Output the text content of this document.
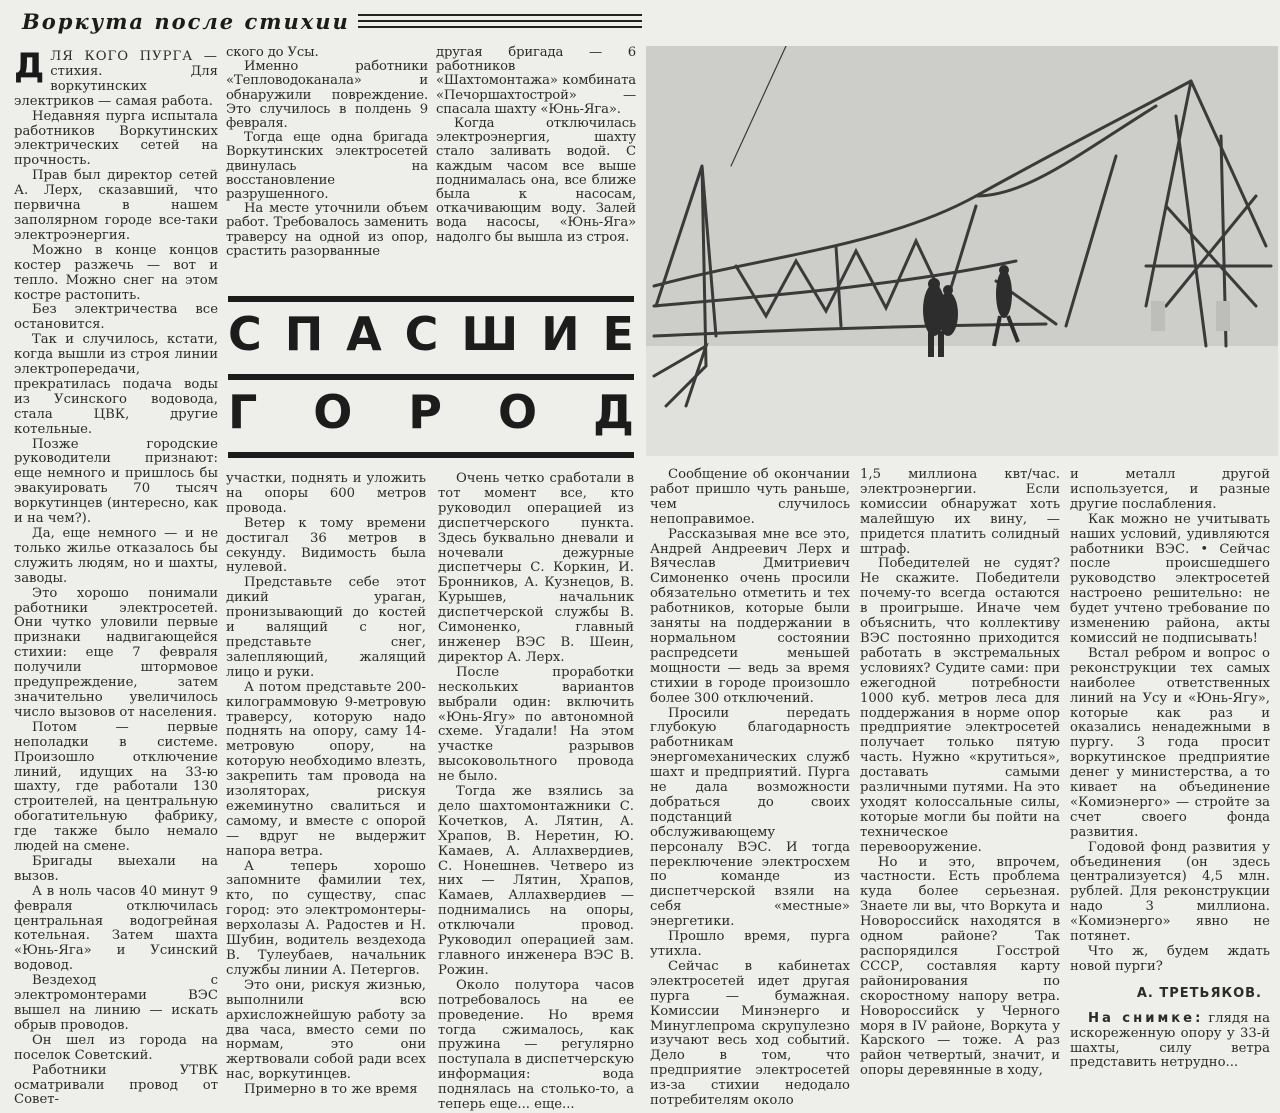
Воркута после стихии

ДЛЯ КОГО ПУРГА — стихия. Для воркутинских электриков — самая работа.

Недавняя пурга испытала работников Воркутинских электрических сетей на прочность.

Прав был директор сетей А. Лерх, сказавший, что первична в нашем заполярном городе все-таки электроэнергия.

Можно в конце концов костер разжечь — вот и тепло. Можно снег на этом костре растопить.

Без электричества все остановится.

Так и случилось, кстати, когда вышли из строя линии электропередачи, прекратилась подача воды из Усинского водовода, стала ЦВК, другие котельные.

Позже городские руководители признают: еще немного и пришлось бы эвакуировать 70 тысяч воркутинцев (интересно, как и на чем?).

Да, еще немного — и не только жилье отказалось бы служить людям, но и шахты, заводы.

Это хорошо понимали работники электросетей. Они чутко уловили первые признаки надвигающейся стихии: еще 7 февраля получили штормовое предупреждение, затем значительно увеличилось число вызовов от населения.

Потом — первые неполадки в системе. Произошло отключение линий, идущих на 33-ю шахту, где работали 130 строителей, на центральную обогатительную фабрику, где также было немало людей на смене.

Бригады выехали на вызов.

А в ноль часов 40 минут 9 февраля отключилась центральная водогрейная котельная. Затем шахта «Юнь-Яга» и Усинский водовод.

Вездеход с электромонтерами ВЭС вышел на линию — искать обрыв проводов.

Он шел из города на поселок Советский.

Работники УТВК осматривали провод от Совет-

ского до Усы.

Именно работники «Тепловодоканала» и обнаружили повреждение. Это случилось в полдень 9 февраля.

Тогда еще одна бригада Воркутинских электросетей двинулась на восстановление разрушенного.

На месте уточнили объем работ. Требовалось заменить траверсу на одной из опор, срастить разорванные

другая бригада — 6 работников «Шахтомонтажа» комбината «Печоршахтострой» — спасала шахту «Юнь-Яга».

Когда отключилась электроэнергия, шахту стало заливать водой. С каждым часом все выше поднималась она, все ближе была к насосам, откачивающим воду. Залей вода насосы, «Юнь-Яга» надолго бы вышла из строя.

С П А С Ш И Е
Г О Р О Д

участки, поднять и уложить на опоры 600 метров провода.

Ветер к тому времени достигал 36 метров в секунду. Видимость была нулевой.

Представьте себе этот дикий ураган, пронизывающий до костей и валящий с ног, представьте снег, залепляющий, жалящий лицо и руки.

А потом представьте 200-килограммовую 9-метровую траверсу, которую надо поднять на опору, саму 14-метровую опору, на которую необходимо влезть, закрепить там провода на изоляторах, рискуя ежеминутно свалиться и самому, и вместе с опорой — вдруг не выдержит напора ветра.

А теперь хорошо запомните фамилии тех, кто, по существу, спас город: это электромонтеры-верхолазы А. Радостев и Н. Шубин, водитель вездехода В. Тулеубаев, начальник службы линии А. Петергов.

Это они, рискуя жизнью, выполнили всю архисложнейшую работу за два часа, вместо семи по нормам, это они жертвовали собой ради всех нас, воркутинцев.

Примерно в то же время

Очень четко сработали в тот момент все, кто руководил операцией из диспетчерского пункта. Здесь буквально дневали и ночевали дежурные диспетчеры С. Коркин, И. Бронников, А. Кузнецов, В. Курышев, начальник диспетчерской службы В. Симоненко, главный инженер ВЭС В. Шеин, директор А. Лерх.

После проработки нескольких вариантов выбрали один: включить «Юнь-Ягу» по автономной схеме. Угадали! На этом участке разрывов высоковольтного провода не было.

Тогда же взялись за дело шахтомонтажники С. Кочетков, А. Лятин, А. Храпов, В. Неретин, Ю. Камаев, А. Аллахвердиев, С. Нонешнев. Четверо из них — Лятин, Храпов, Камаев, Аллахвердиев — поднимались на опоры, отключали провод. Руководил операцией зам. главного инженера ВЭС В. Рожин.

Около полутора часов потребовалось на ее проведение. Но время тогда сжималось, как пружина — регулярно поступала в диспетчерскую информация: вода поднялась на столько-то, а теперь еще... еще...

Сообщение об окончании работ пришло чуть раньше, чем случилось непоправимое.

Рассказывая мне все это, Андрей Андреевич Лерх и Вячеслав Дмитриевич Симоненко очень просили обязательно отметить и тех работников, которые были заняты на поддержании в нормальном состоянии распредсети меньшей мощности — ведь за время стихии в городе произошло более 300 отключений.

Просили передать глубокую благодарность работникам энергомеханических служб шахт и предприятий. Пурга не дала возможности добраться до своих подстанций обслуживающему персоналу ВЭС. И тогда переключение электросхем по команде из диспетчерской взяли на себя «местные» энергетики.

Прошло время, пурга утихла.

Сейчас в кабинетах электросетей идет другая пурга — бумажная. Комиссии Минэнерго и Минуглепрома скрупулезно изучают весь ход событий. Дело в том, что предприятие электросетей из-за стихии недодало потребителям около

1,5 миллиона квт/час. электроэнергии. Если комиссии обнаружат хоть малейшую их вину, — придется платить солидный штраф.

Победителей не судят? Не скажите. Победители почему-то всегда остаются в проигрыше. Иначе чем объяснить, что коллективу ВЭС постоянно приходится работать в экстремальных условиях? Судите сами: при ежегодной потребности 1000 куб. метров леса для поддержания в норме опор предприятие электросетей получает только пятую часть. Нужно «крутиться», доставать самыми различными путями. На это уходят колоссальные силы, которые могли бы пойти на техническое перевооружение.

Но и это, впрочем, частности. Есть проблема куда более серьезная. Знаете ли вы, что Воркута и Новороссийск находятся в одном районе? Так распорядился Госстрой СССР, составляя карту районирования по скоростному напору ветра. Новороссийск у Черного моря в IV районе, Воркута у Карского — тоже. А раз район четвертый, значит, и опоры деревянные в ходу,

и металл другой используется, и разные другие послабления.

Как можно не учитывать наших условий, удивляются работники ВЭС. • Сейчас после происшедшего руководство электросетей настроено решительно: не будет учтено требование по изменению района, акты комиссий не подписывать!

Встал ребром и вопрос о реконструкции тех самых наиболее ответственных линий на Усу и «Юнь-Ягу», которые как раз и оказались ненадежными в пургу. 3 года просит воркутинское предприятие денег у министерства, а то кивает на объединение «Комиэнерго» — стройте за счет своего фонда развития.

Годовой фонд развития у объединения (он здесь централизуется) 4,5 млн. рублей. Для реконструкции надо 3 миллиона. «Комиэнерго» явно не потянет.

Что ж, будем ждать новой пурги?

А. ТРЕТЬЯКОВ.

На снимке: глядя на искореженную опору у 33-й шахты, силу ветра представить нетрудно...
